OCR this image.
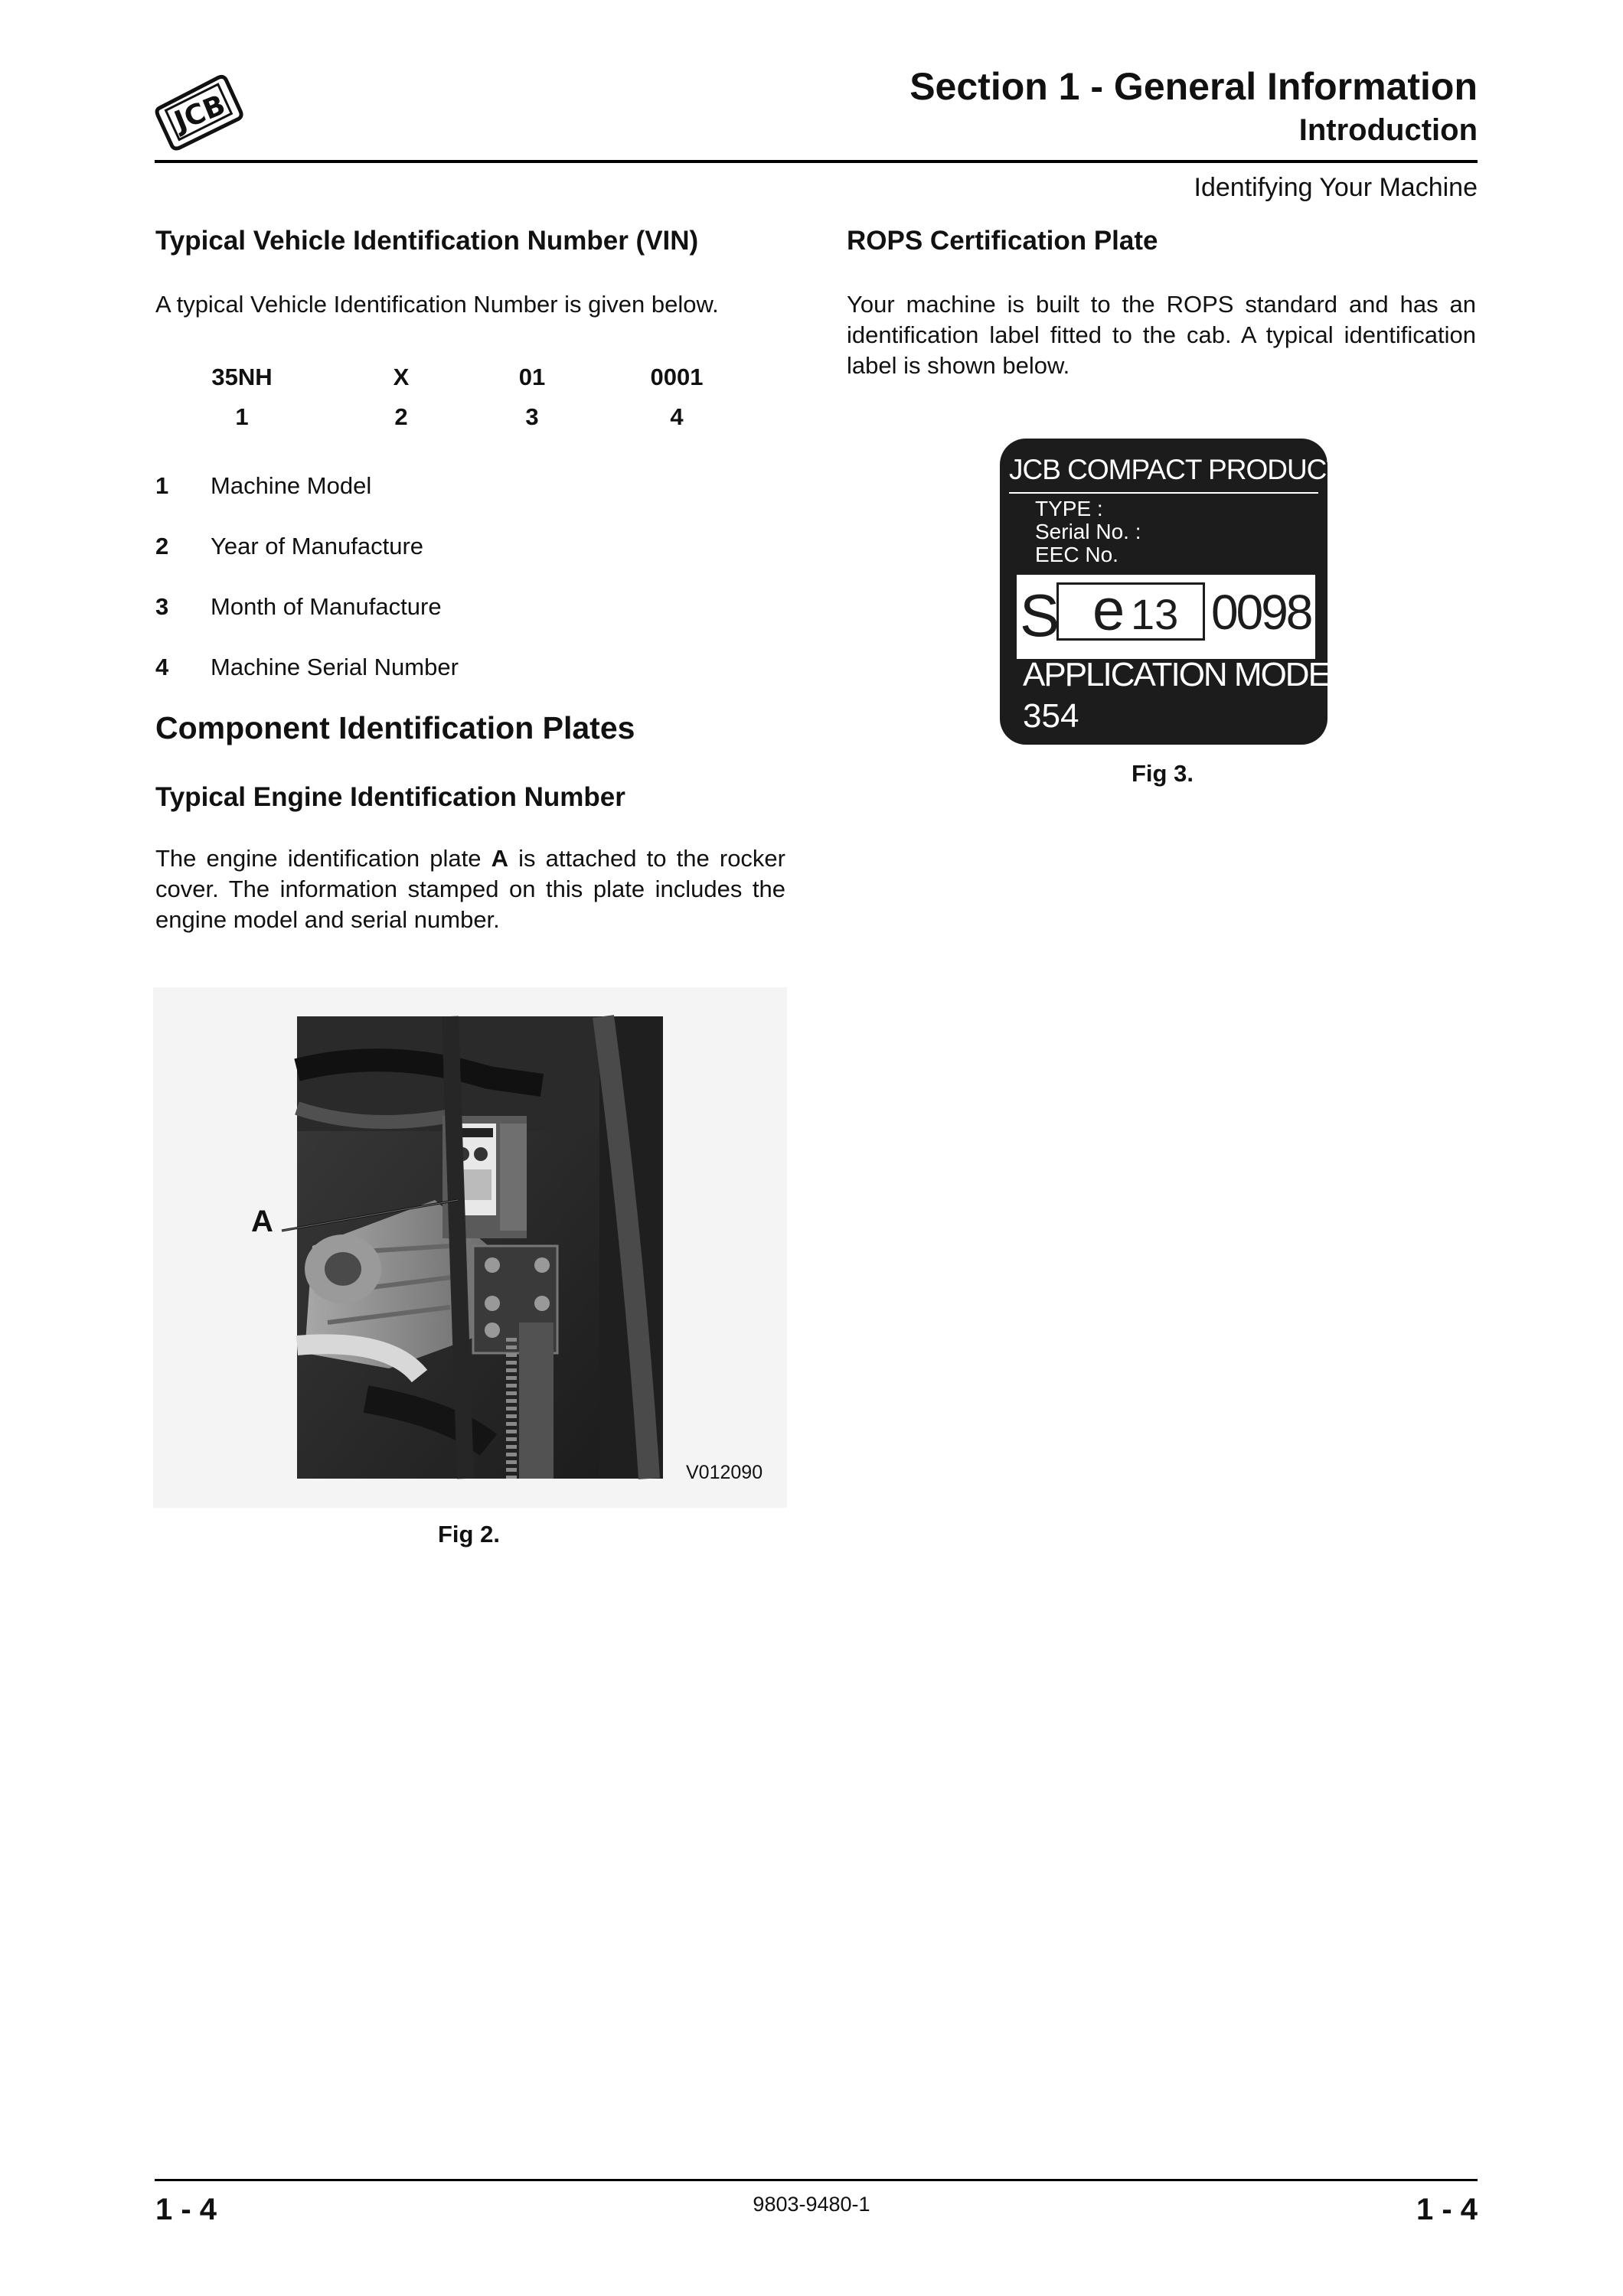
JCB
Section 1 - General Information
Introduction
Identifying Your Machine
Typical Vehicle Identification Number (VIN)
A typical Vehicle Identification Number is given below.
35NH	X	01	0001
1	2	3	4
1 Machine Model
2 Year of Manufacture
3 Month of Manufacture
4 Machine Serial Number
Component Identification Plates
Typical Engine Identification Number
The engine identification plate A is attached to the rocker cover. The information stamped on this plate includes the engine model and serial number.
A
V012090
Fig 2.
ROPS Certification Plate
Your machine is built to the ROPS standard and has an identification label fitted to the cab. A typical identification label is shown below.
JCB COMPACT PRODUCTS LTD
TYPE :
Serial No. :
EEC No.
S e 13 0098
APPLICATION MODEL
354
Fig 3.
1 - 4	9803-9480-1	1 - 4
